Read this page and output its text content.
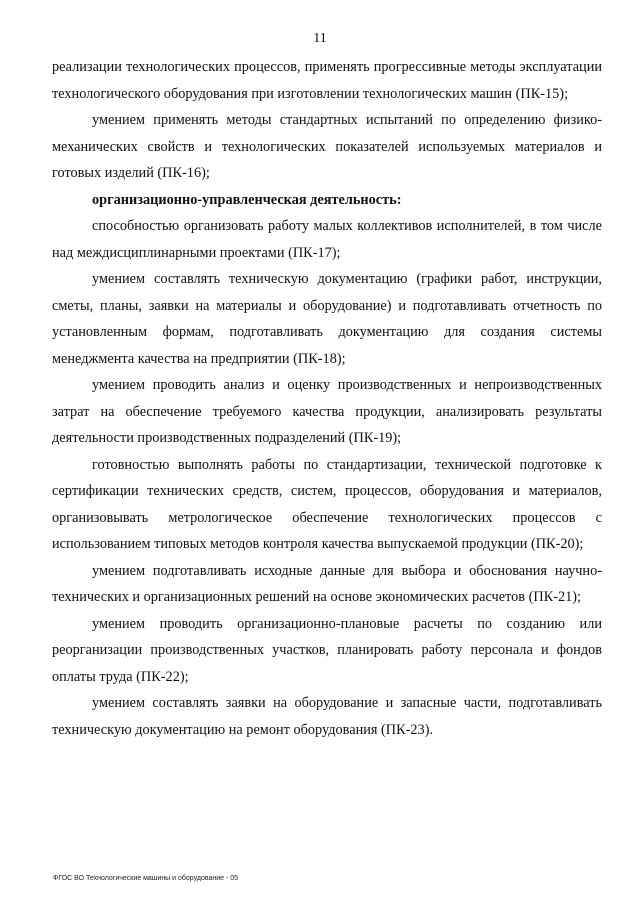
11

реализации технологических процессов, применять прогрессивные методы эксплуатации технологического оборудования при изготовлении технологических машин (ПК-15);

умением применять методы стандартных испытаний по определению физико-механических свойств и технологических показателей используемых материалов и готовых изделий (ПК-16);

организационно-управленческая деятельность:

способностью организовать работу малых коллективов исполнителей, в том числе над междисциплинарными проектами (ПК-17);

умением составлять техническую документацию (графики работ, инструкции, сметы, планы, заявки на материалы и оборудование) и подготавливать отчетность по установленным формам, подготавливать документацию для создания системы менеджмента качества на предприятии (ПК-18);

умением проводить анализ и оценку производственных и непроизводственных затрат на обеспечение требуемого качества продукции, анализировать результаты деятельности производственных подразделений (ПК-19);

готовностью выполнять работы по стандартизации, технической подготовке к сертификации технических средств, систем, процессов, оборудования и материалов, организовывать метрологическое обеспечение технологических процессов с использованием типовых методов контроля качества выпускаемой продукции (ПК-20);

умением подготавливать исходные данные для выбора и обоснования научно-технических и организационных решений на основе экономических расчетов (ПК-21);

умением проводить организационно-плановые расчеты по созданию или реорганизации производственных участков, планировать работу персонала и фондов оплаты труда (ПК-22);

умением составлять заявки на оборудование и запасные части, подготавливать техническую документацию на ремонт оборудования (ПК-23).

ФГОС ВО Технологические машины и оборудование - 05
